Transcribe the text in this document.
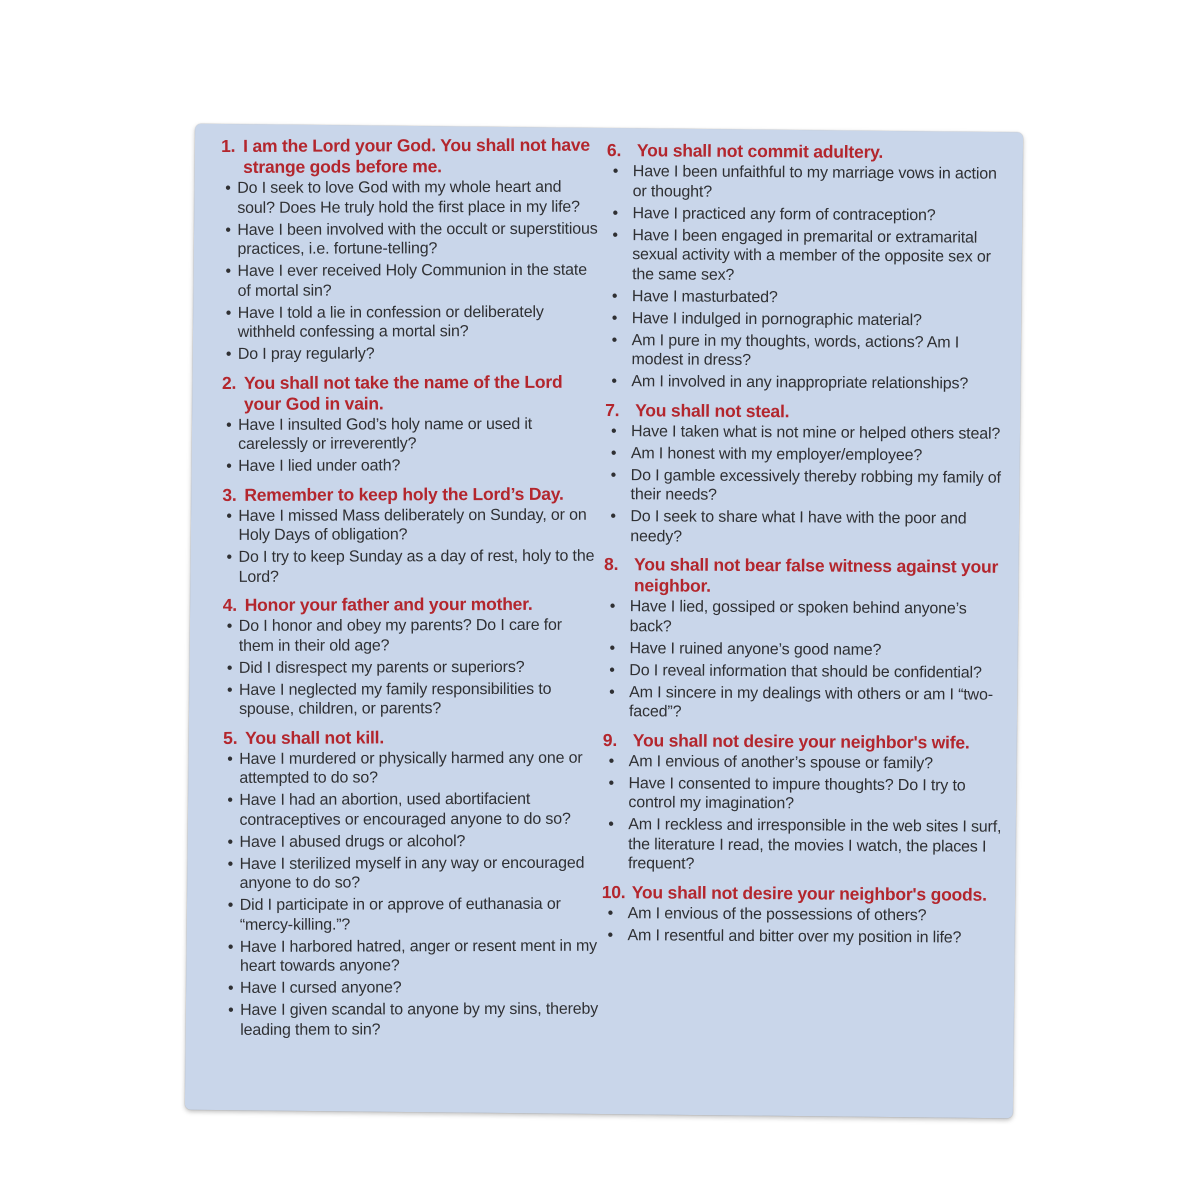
1. I am the Lord your God. You shall not have strange gods before me.
• Do I seek to love God with my whole heart and soul? Does He truly hold the first place in my life?
• Have I been involved with the occult or superstitious practices, i.e. fortune-telling?
• Have I ever received Holy Communion in the state of mortal sin?
• Have I told a lie in confession or deliberately withheld confessing a mortal sin?
• Do I pray regularly?
2. You shall not take the name of the Lord your God in vain.
• Have I insulted God’s holy name or used it carelessly or irreverently?
• Have I lied under oath?
3. Remember to keep holy the Lord’s Day.
• Have I missed Mass deliberately on Sunday, or on Holy Days of obligation?
• Do I try to keep Sunday as a day of rest, holy to the Lord?
4. Honor your father and your mother.
• Do I honor and obey my parents? Do I care for them in their old age?
• Did I disrespect my parents or superiors?
• Have I neglected my family responsibilities to spouse, children, or parents?
5. You shall not kill.
• Have I murdered or physically harmed any one or attempted to do so?
• Have I had an abortion, used abortifacient contraceptives or encouraged anyone to do so?
• Have I abused drugs or alcohol?
• Have I sterilized myself in any way or encouraged anyone to do so?
• Did I participate in or approve of euthanasia or “mercy-killing.”?
• Have I harbored hatred, anger or resent ment in my heart towards anyone?
• Have I cursed anyone?
• Have I given scandal to anyone by my sins, thereby leading them to sin?
6. You shall not commit adultery.
• Have I been unfaithful to my marriage vows in action or thought?
• Have I practiced any form of contraception?
• Have I been engaged in premarital or extramarital sexual activity with a member of the opposite sex or the same sex?
• Have I masturbated?
• Have I indulged in pornographic material?
• Am I pure in my thoughts, words, actions? Am I modest in dress?
• Am I involved in any inappropriate relationships?
7. You shall not steal.
• Have I taken what is not mine or helped others steal?
• Am I honest with my employer/employee?
• Do I gamble excessively thereby robbing my family of their needs?
• Do I seek to share what I have with the poor and needy?
8. You shall not bear false witness against your neighbor.
• Have I lied, gossiped or spoken behind anyone’s back?
• Have I ruined anyone’s good name?
• Do I reveal information that should be confidential?
• Am I sincere in my dealings with others or am I “two-faced”?
9. You shall not desire your neighbor's wife.
• Am I envious of another’s spouse or family?
• Have I consented to impure thoughts? Do I try to control my imagination?
• Am I reckless and irresponsible in the web sites I surf, the literature I read, the movies I watch, the places I frequent?
10. You shall not desire your neighbor's goods.
• Am I envious of the possessions of others?
• Am I resentful and bitter over my position in life?
